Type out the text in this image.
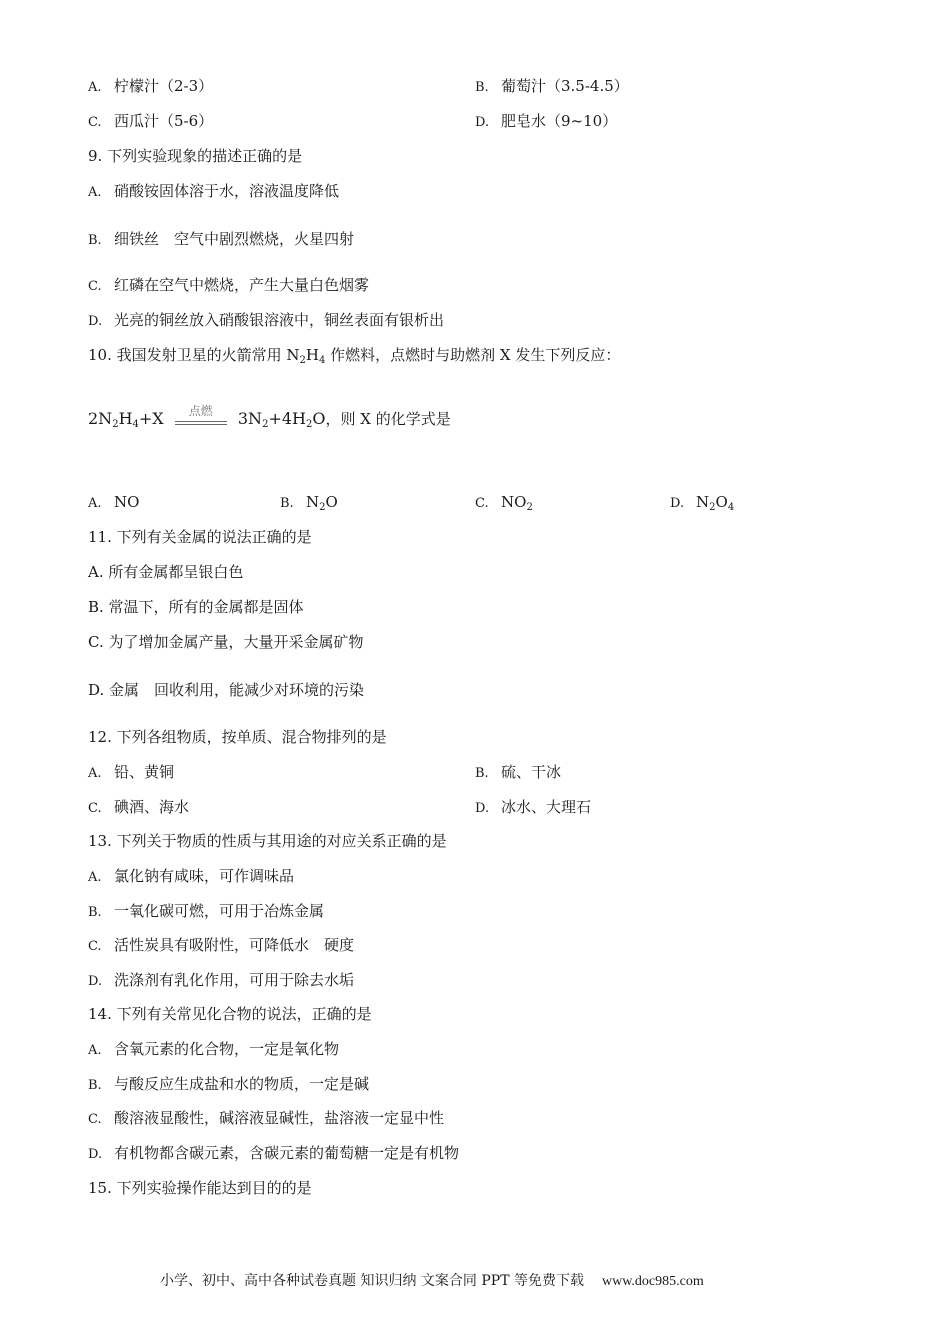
A. 柠檬汁（2-3）	B. 葡萄汁（3.5-4.5）
C. 西瓜汁（5-6）	D. 肥皂水（9~10）
9. 下列实验现象的描述正确的是
A. 硝酸铵固体溶于水，溶液温度降低
B. 细铁丝　空气中剧烈燃烧，火星四射
C. 红磷在空气中燃烧，产生大量白色烟雾
D. 光亮的铜丝放入硝酸银溶液中，铜丝表面有银析出
10. 我国发射卫星的火箭常用 $N_2H_4$ 作燃料，点燃时与助燃剂 X 发生下列反应：
$2N_2H_4+X$	点燃	$3N_2+4H_2O$，则 X 的化学式是
A. NO	B. $N_2O$	C. $NO_2$	D. $N_2O_4$
11. 下列有关金属的说法正确的是
A. 所有金属都呈银白色
B. 常温下，所有的金属都是固体
C. 为了增加金属产量，大量开采金属矿物
D. 金属　回收利用，能减少对环境的污染
12. 下列各组物质，按单质、混合物排列的是
A. 铅、黄铜	B. 硫、干冰
C. 碘酒、海水	D. 冰水、大理石
13. 下列关于物质的性质与其用途的对应关系正确的是
A. 氯化钠有咸味，可作调味品
B. 一氧化碳可燃，可用于冶炼金属
C. 活性炭具有吸附性，可降低水　硬度
D. 洗涤剂有乳化作用，可用于除去水垢
14. 下列有关常见化合物的说法，正确的是
A. 含氧元素的化合物，一定是氧化物
B. 与酸反应生成盐和水的物质，一定是碱
C. 酸溶液显酸性，碱溶液显碱性，盐溶液一定显中性
D. 有机物都含碳元素，含碳元素的葡萄糖一定是有机物
15. 下列实验操作能达到目的的是
小学、初中、高中各种试卷真题 知识归纳 文案合同 PPT 等免费下载 www.doc985.com
